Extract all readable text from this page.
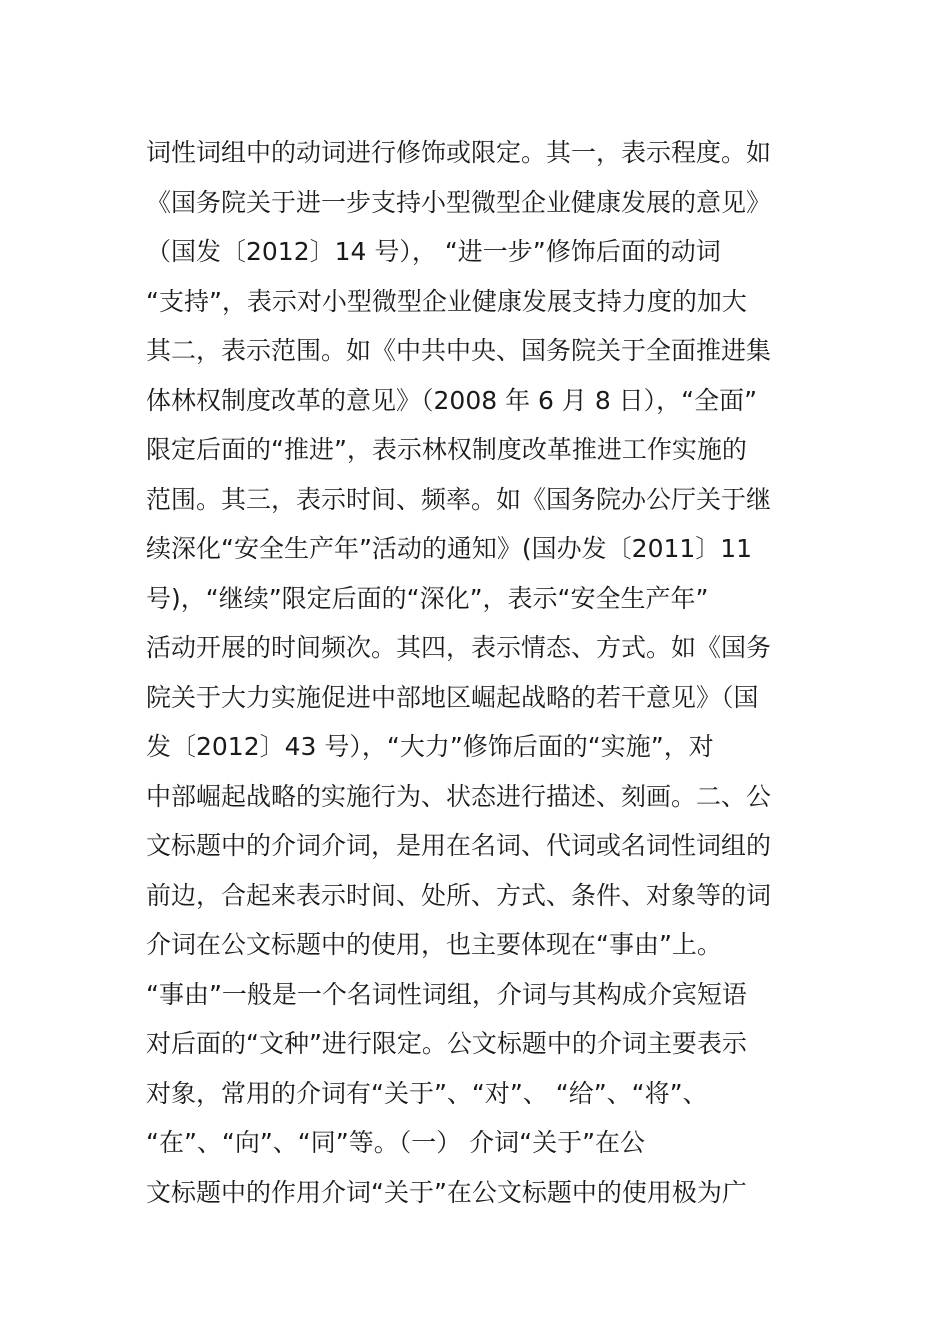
词性词组中的动词进行修饰或限定。其一，表示程度。如
《国务院关于进一步支持小型微型企业健康发展的意见》
（国发〔2012〕14 号）， “进一步”修饰后面的动词
“支持”，表示对小型微型企业健康发展支持力度的加大
其二，表示范围。如《中共中央、国务院关于全面推进集
体林权制度改革的意见》（2008 年 6 月 8 日），“全面”
限定后面的“推进”，表示林权制度改革推进工作实施的
范围。其三，表示时间、频率。如《国务院办公厅关于继
续深化“安全生产年”活动的通知》(国办发〔2011〕11
号)，“继续”限定后面的“深化”，表示“安全生产年”
活动开展的时间频次。其四，表示情态、方式。如《国务
院关于大力实施促进中部地区崛起战略的若干意见》（国
发〔2012〕43 号），“大力”修饰后面的“实施”，对
中部崛起战略的实施行为、状态进行描述、刻画。二、公
文标题中的介词介词，是用在名词、代词或名词性词组的
前边，合起来表示时间、处所、方式、条件、对象等的词
介词在公文标题中的使用，也主要体现在“事由”上。
“事由”一般是一个名词性词组，介词与其构成介宾短语
对后面的“文种”进行限定。公文标题中的介词主要表示
对象，常用的介词有“关于”、“对”、 “给”、“将”、
“在”、“向”、“同”等。（一） 介词“关于”在公
文标题中的作用介词“关于”在公文标题中的使用极为广
